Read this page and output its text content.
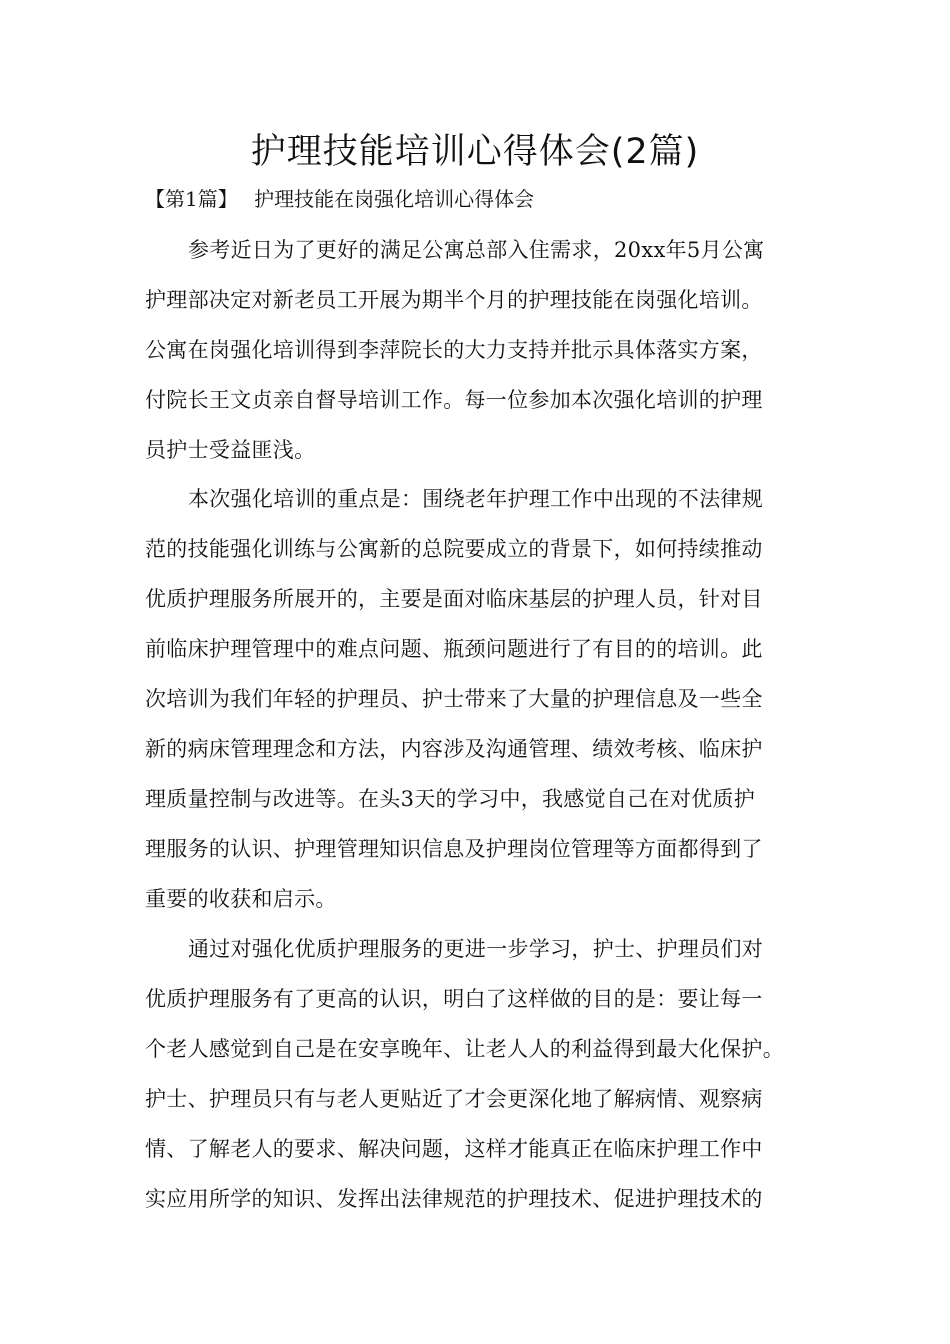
护理技能培训心得体会(2篇)
【第1篇】 护理技能在岗强化培训心得体会
参考近日为了更好的满足公寓总部入住需求，20xx年5月公寓
护理部决定对新老员工开展为期半个月的护理技能在岗强化培训。
公寓在岗强化培训得到李萍院长的大力支持并批示具体落实方案，
付院长王文贞亲自督导培训工作。每一位参加本次强化培训的护理
员护士受益匪浅。
本次强化培训的重点是：围绕老年护理工作中出现的不法律规
范的技能强化训练与公寓新的总院要成立的背景下，如何持续推动
优质护理服务所展开的，主要是面对临床基层的护理人员，针对目
前临床护理管理中的难点问题、瓶颈问题进行了有目的的培训。此
次培训为我们年轻的护理员、护士带来了大量的护理信息及一些全
新的病床管理理念和方法，内容涉及沟通管理、绩效考核、临床护
理质量控制与改进等。在头3天的学习中，我感觉自己在对优质护
理服务的认识、护理管理知识信息及护理岗位管理等方面都得到了
重要的收获和启示。
通过对强化优质护理服务的更进一步学习，护士、护理员们对
优质护理服务有了更高的认识，明白了这样做的目的是：要让每一
个老人感觉到自己是在安享晚年、让老人人的利益得到最大化保护。
护士、护理员只有与老人更贴近了才会更深化地了解病情、观察病
情、了解老人的要求、解决问题，这样才能真正在临床护理工作中
实应用所学的知识、发挥出法律规范的护理技术、促进护理技术的
